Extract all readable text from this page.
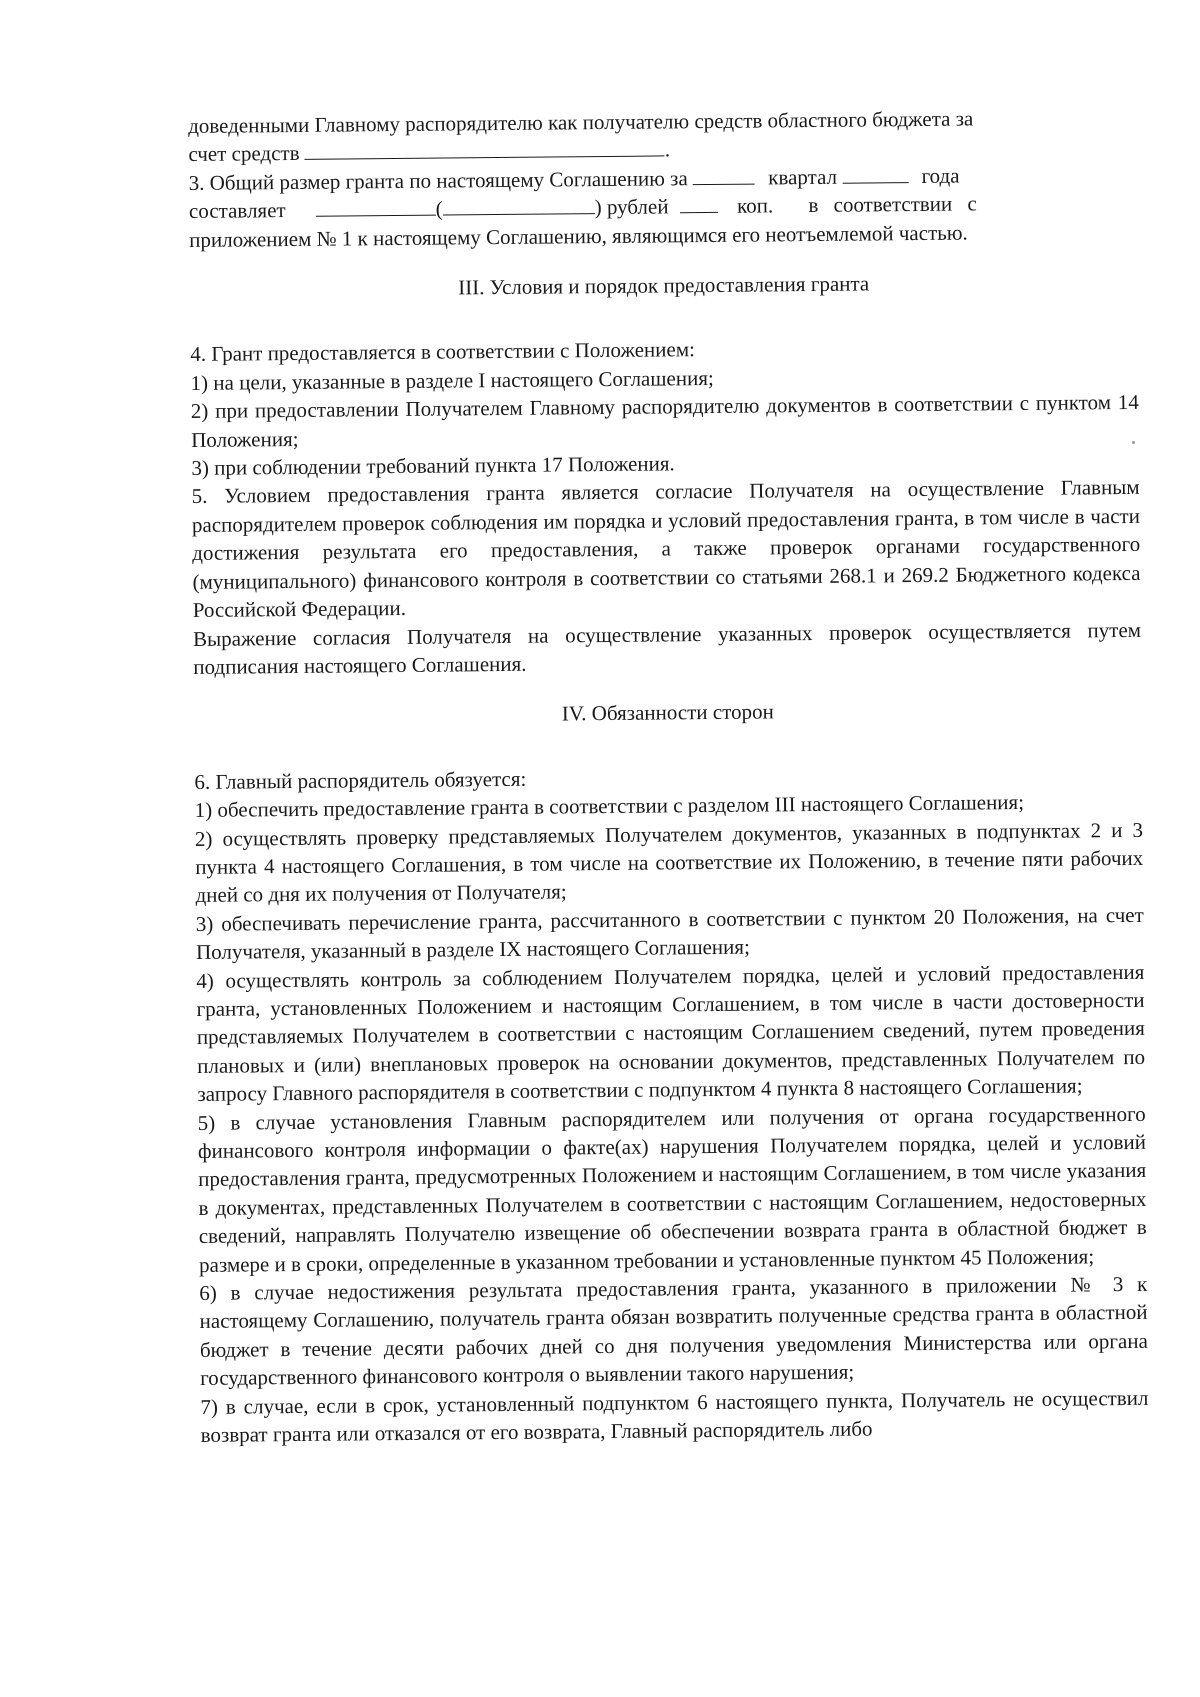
доведенными Главному распорядителю как получателю средств областного бюджета за

счет средств	.

3. Общий размер гранта по настоящему Соглашению за	квартал	года

составляет	(	) рублей	коп. в соответствии с

приложением № 1 к настоящему Соглашению, являющимся его неотъемлемой частью.

III. Условия и порядок предоставления гранта

4. Грант предоставляется в соответствии с Положением:

1) на цели, указанные в разделе I настоящего Соглашения;

2) при предоставлении Получателем Главному распорядителю документов в соответствии с пунктом 14 Положения;

3) при соблюдении требований пункта 17 Положения.

5. Условием предоставления гранта является согласие Получателя на осуществление Главным распорядителем проверок соблюдения им порядка и условий предоставления гранта, в том числе в части достижения результата его предоставления, а также проверок органами государственного (муниципального) финансового контроля в соответствии со статьями 268.1 и 269.2 Бюджетного кодекса Российской Федерации.

Выражение согласия Получателя на осуществление указанных проверок осуществляется путем подписания настоящего Соглашения.

IV. Обязанности сторон

6. Главный распорядитель обязуется:

1) обеспечить предоставление гранта в соответствии с разделом III настоящего Соглашения;

2) осуществлять проверку представляемых Получателем документов, указанных в подпунктах 2 и 3 пункта 4 настоящего Соглашения, в том числе на соответствие их Положению, в течение пяти рабочих дней со дня их получения от Получателя;

3) обеспечивать перечисление гранта, рассчитанного в соответствии с пунктом 20 Положения, на счет Получателя, указанный в разделе IX настоящего Соглашения;

4) осуществлять контроль за соблюдением Получателем порядка, целей и условий предоставления гранта, установленных Положением и настоящим Соглашением, в том числе в части достоверности представляемых Получателем в соответствии с настоящим Соглашением сведений, путем проведения плановых и (или) внеплановых проверок на основании документов, представленных Получателем по запросу Главного распорядителя в соответствии с подпунктом 4 пункта 8 настоящего Соглашения;

5) в случае установления Главным распорядителем или получения от органа государственного финансового контроля информации о факте(ах) нарушения Получателем порядка, целей и условий предоставления гранта, предусмотренных Положением и настоящим Соглашением, в том числе указания в документах, представленных Получателем в соответствии с настоящим Соглашением, недостоверных сведений, направлять Получателю извещение об обеспечении возврата гранта в областной бюджет в размере и в сроки, определенные в указанном требовании и установленные пунктом 45 Положения;

6) в случае недостижения результата предоставления гранта, указанного в приложении № 3 к настоящему Соглашению, получатель гранта обязан возвратить полученные средства гранта в областной бюджет в течение десяти рабочих дней со дня получения уведомления Министерства или органа государственного финансового контроля о выявлении такого нарушения;

7) в случае, если в срок, установленный подпунктом 6 настоящего пункта, Получатель не осуществил возврат гранта или отказался от его возврата, Главный распорядитель либо
